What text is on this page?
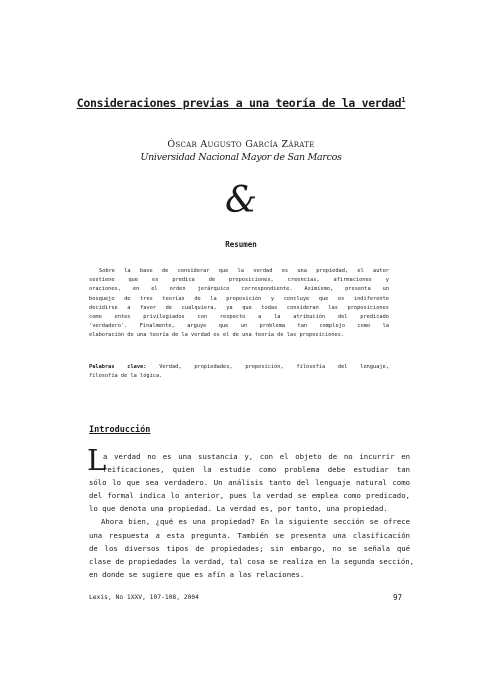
Consideraciones previas a una teoría de la verdad$^1$
Óscar Augusto García Zárate
Universidad Nacional Mayor de San Marcos
&
Resumen
Sobre la base de considerar que la verdad es una propiedad, el autor
sostiene que es predica de proposiciones, creencias, afirmaciones y
oraciones, en el orden jerárquico correspondiente. Asimismo, presenta un
bosquejo de tres teorías de la proposición y concluye que es indiferente
decidirse a favor de cualquiera, ya que todas consideran las proposiciones
como entes privilegiados con respecto a la atribución del predicado
'verdadero'. Finalmente, arguye que un problema tan complejo como la
elaboración de una teoría de la verdad es el de una teoría de las proposiciones.
Palabras clave: Verdad, propiedades, proposición, filosofía del lenguaje,
filosofía de la lógica.
Introducción
L
a verdad no es una sustancia y, con el objeto de no incurrir en
reificaciones, quien la estudie como problema debe estudiar tan
sólo lo que sea verdadero. Un análisis tanto del lenguaje natural como
del formal indica lo anterior, pues la verdad se emplea como predicado,
lo que denota una propiedad. La verdad es, por tanto, una propiedad.
Ahora bien, ¿qué es una propiedad? En la siguiente sección se ofrece
una respuesta a esta pregunta. También se presenta una clasificación
de los diversos tipos de propiedades; sin embargo, no se señala qué
clase de propiedades la verdad, tal cosa se realiza en la segunda sección,
en donde se sugiere que es afín a las relaciones.
Lexis, No 1XXV, 107-108, 2004	97
